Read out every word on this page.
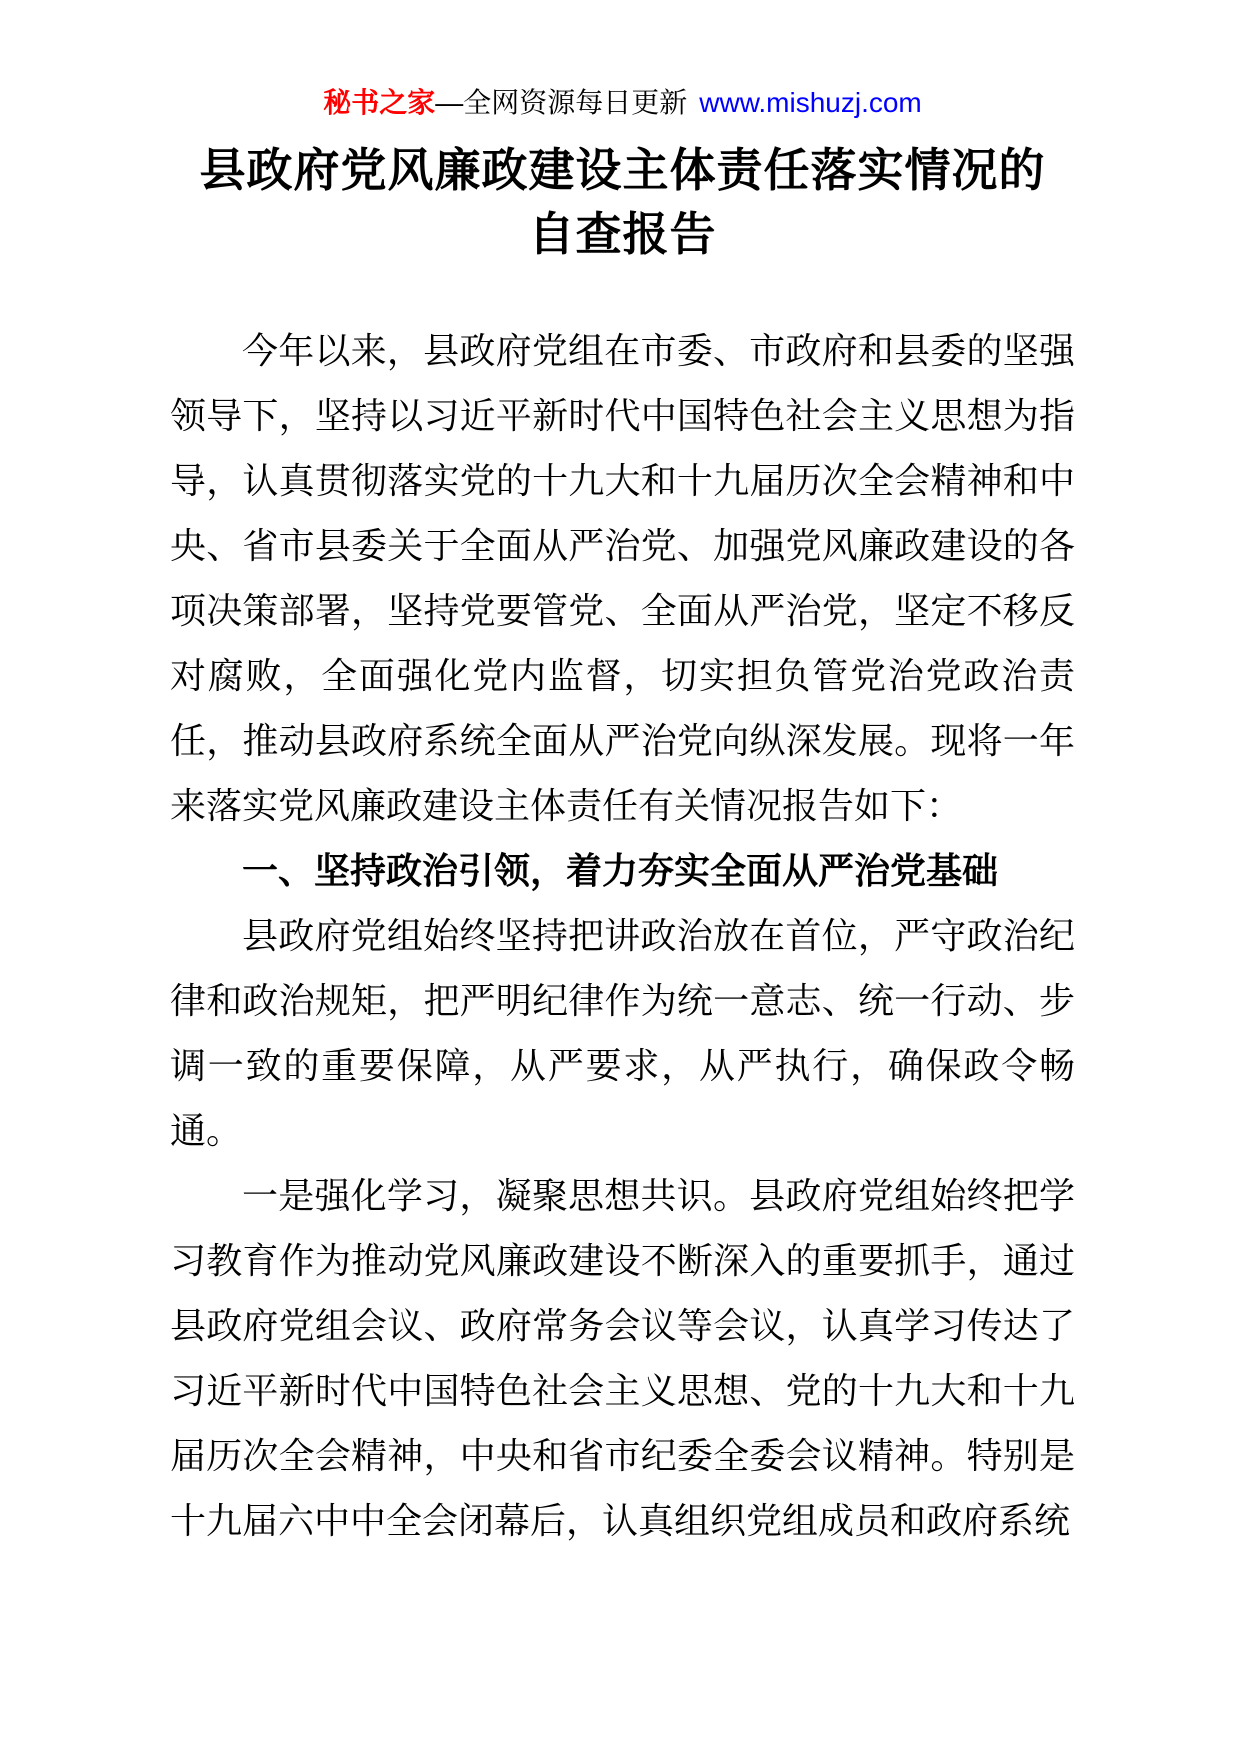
秘书之家—全网资源每日更新 www.mishuzj.com
县政府党风廉政建设主体责任落实情况的
自查报告

今年以来，县政府党组在市委、市政府和县委的坚强领导下，坚持以习近平新时代中国特色社会主义思想为指导，认真贯彻落实党的十九大和十九届历次全会精神和中央、省市县委关于全面从严治党、加强党风廉政建设的各项决策部署，坚持党要管党、全面从严治党，坚定不移反对腐败，全面强化党内监督，切实担负管党治党政治责任，推动县政府系统全面从严治党向纵深发展。现将一年来落实党风廉政建设主体责任有关情况报告如下：

一、坚持政治引领，着力夯实全面从严治党基础

县政府党组始终坚持把讲政治放在首位，严守政治纪律和政治规矩，把严明纪律作为统一意志、统一行动、步调一致的重要保障，从严要求，从严执行，确保政令畅通。

一是强化学习，凝聚思想共识。县政府党组始终把学习教育作为推动党风廉政建设不断深入的重要抓手，通过县政府党组会议、政府常务会议等会议，认真学习传达了习近平新时代中国特色社会主义思想、党的十九大和十九届历次全会精神，中央和省市纪委全委会议精神。特别是十九届六中中全会闭幕后，认真组织党组成员和政府系统
